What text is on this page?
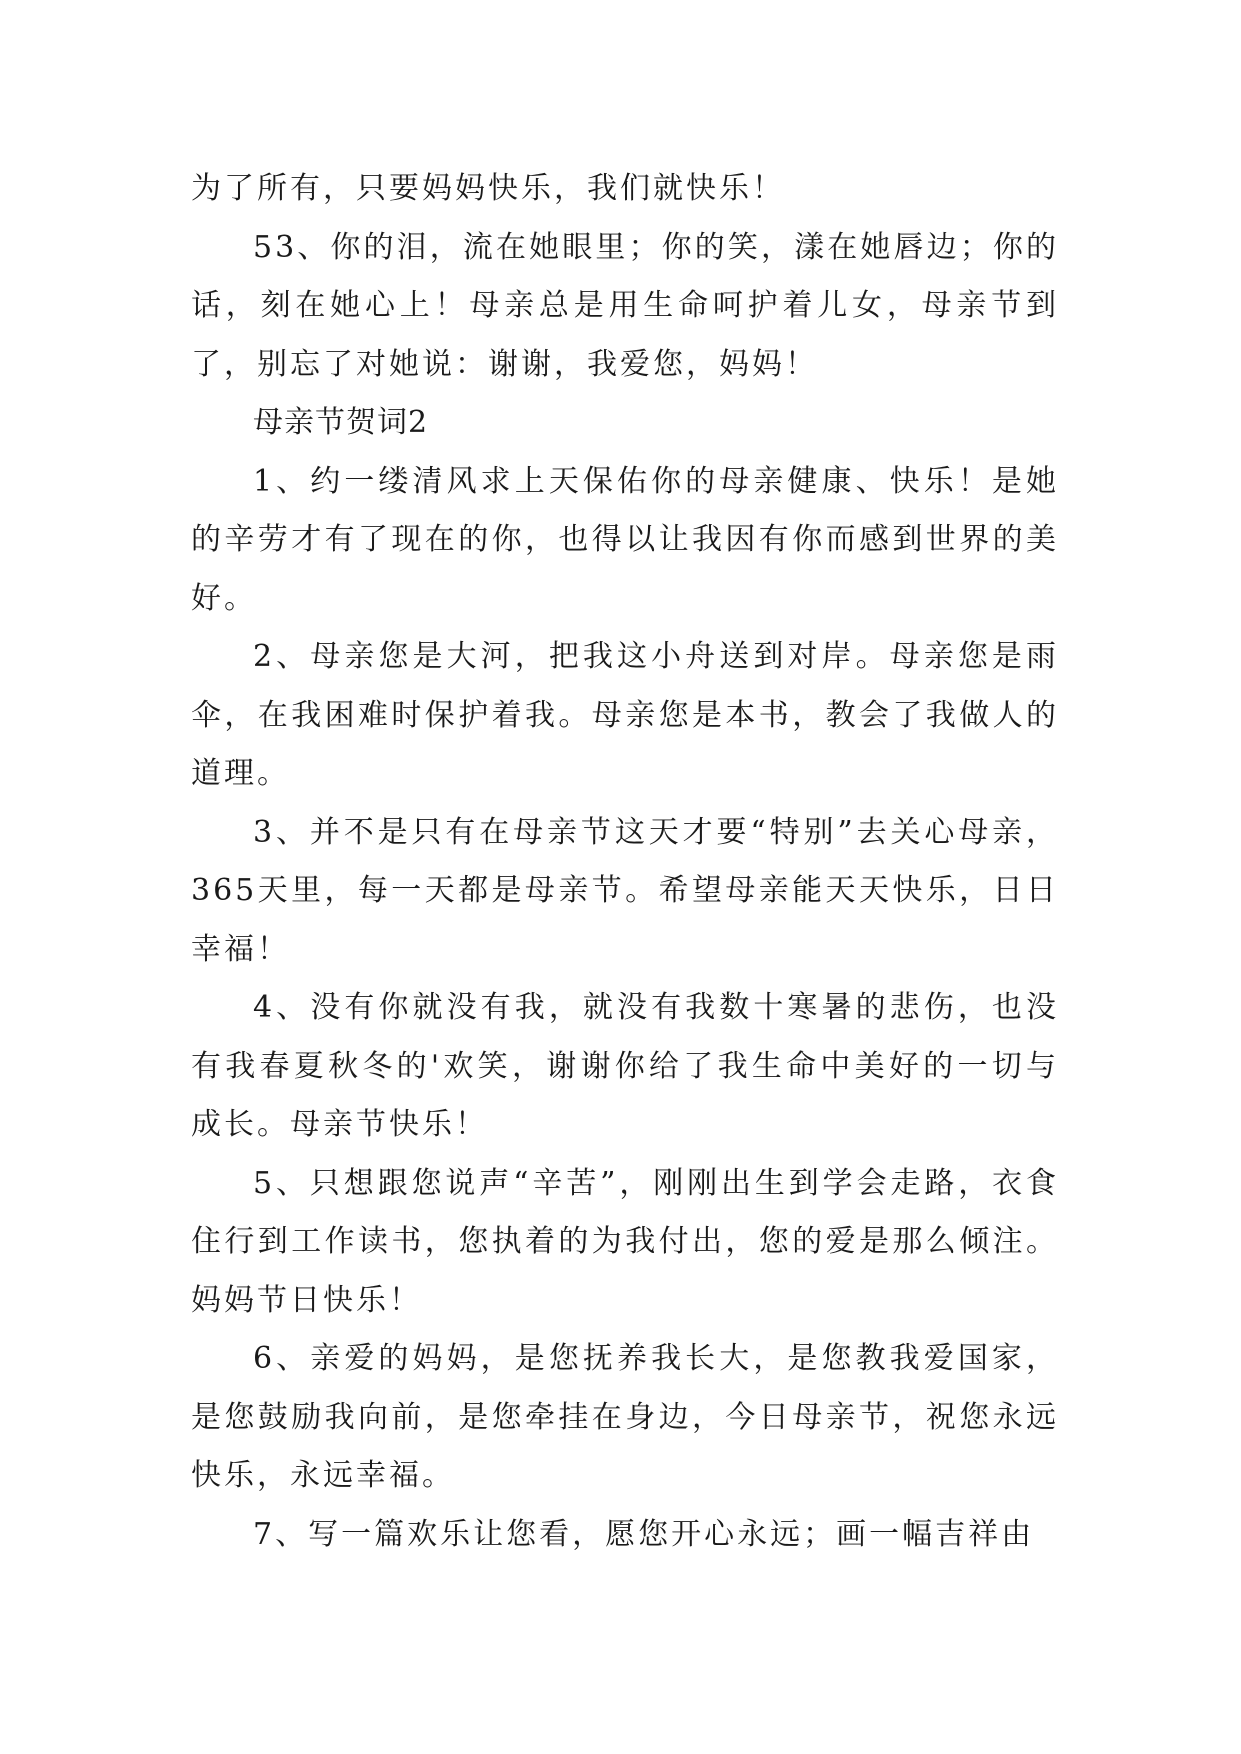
为了所有，只要妈妈快乐，我们就快乐！

53、你的泪，流在她眼里；你的笑，漾在她唇边；你的话，刻在她心上！母亲总是用生命呵护着儿女，母亲节到了，别忘了对她说：谢谢，我爱您，妈妈！

母亲节贺词2

1、约一缕清风求上天保佑你的母亲健康、快乐！是她的辛劳才有了现在的你，也得以让我因有你而感到世界的美好。

2、母亲您是大河，把我这小舟送到对岸。母亲您是雨伞，在我困难时保护着我。母亲您是本书，教会了我做人的道理。

3、并不是只有在母亲节这天才要“特别”去关心母亲，365天里，每一天都是母亲节。希望母亲能天天快乐，日日幸福！

4、没有你就没有我，就没有我数十寒暑的悲伤，也没有我春夏秋冬的'欢笑，谢谢你给了我生命中美好的一切与成长。母亲节快乐！

5、只想跟您说声“辛苦”，刚刚出生到学会走路，衣食住行到工作读书，您执着的为我付出，您的爱是那么倾注。妈妈节日快乐！

6、亲爱的妈妈，是您抚养我长大，是您教我爱国家，是您鼓励我向前，是您牵挂在身边，今日母亲节，祝您永远快乐，永远幸福。

7、写一篇欢乐让您看，愿您开心永远；画一幅吉祥由
